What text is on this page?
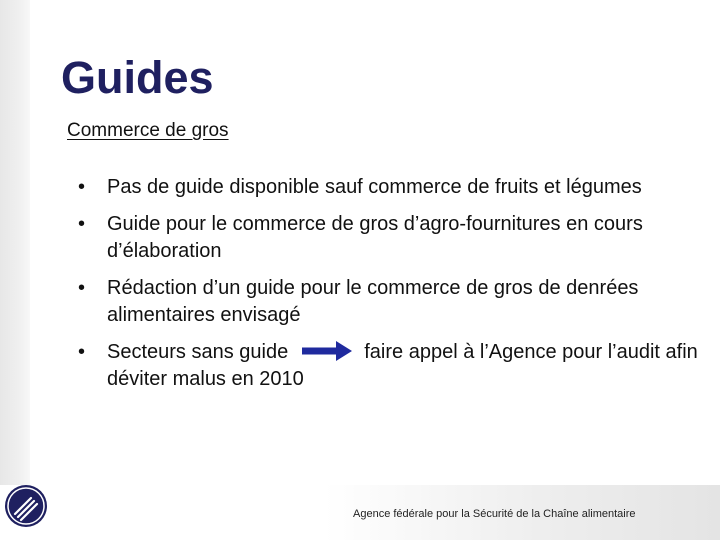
Guides
Commerce de gros
• Pas de guide disponible sauf commerce de fruits et légumes
• Guide pour le commerce de gros d’agro-fournitures en cours d’élaboration
• Rédaction d’un guide pour le commerce de gros de denrées alimentaires envisagé
• Secteurs sans guide	faire appel à l’Agence pour l’audit afin déviter malus en 2010
Agence fédérale pour la Sécurité de la Chaîne alimentaire
